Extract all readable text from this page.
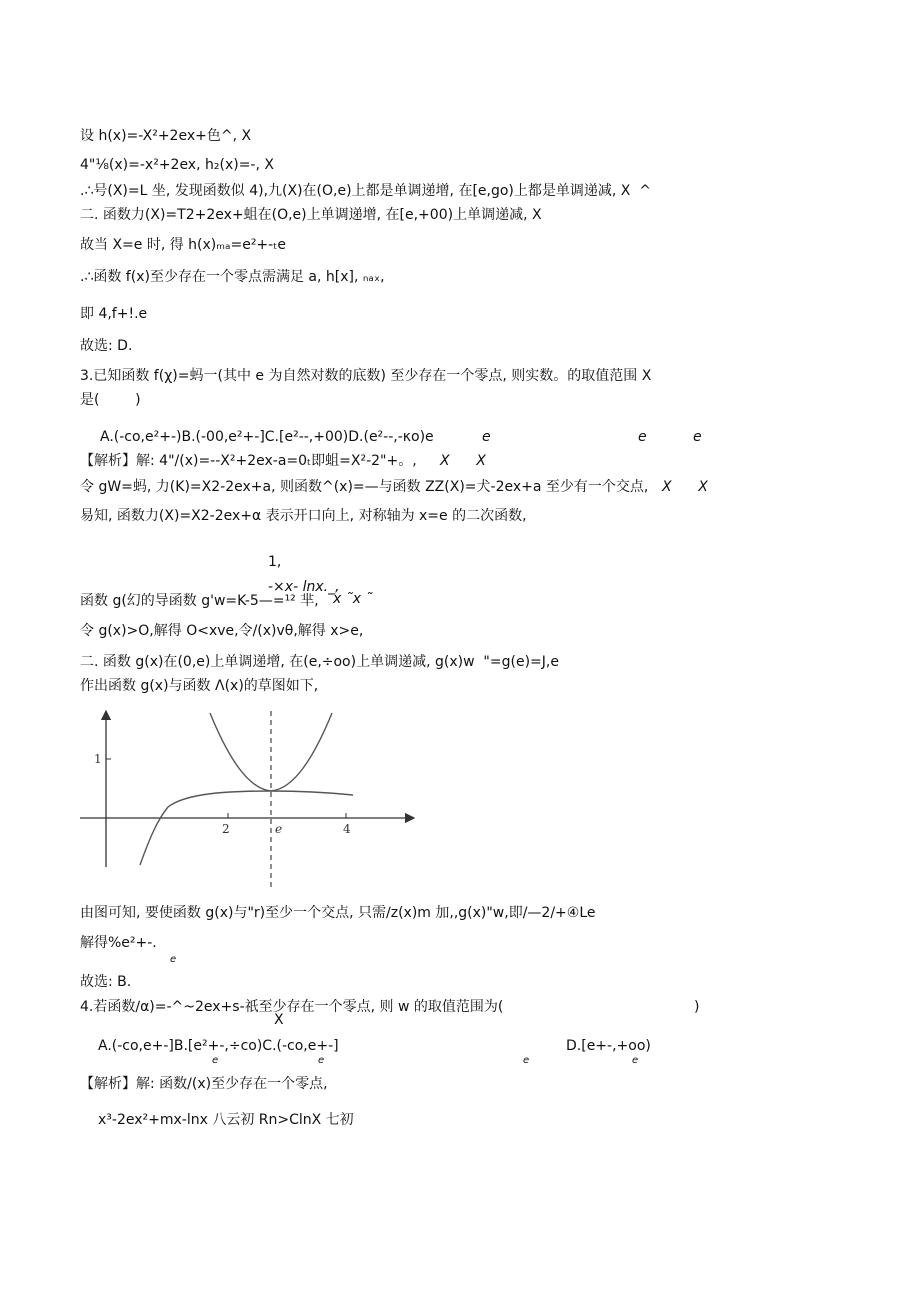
设 h(x)=-X²+2ex+色^, X
4"⅛(x)=-x²+2ex, h₂(x)=-, X
.∴号(X)=L 坐, 发现函数似 4),九(X)在(O,e)上都是单调递增, 在[e,go)上都是单调递减, X  ^
二. 函数力(X)=T2+2ex+蛆在(O,e)上单调递增, 在[e,+00)上单调递减, X
故当 X=e 时, 得 h(x)ₘₐ=e²+-ₜe
.∴函数 f(x)至少存在一个零点需满足 a, h[x], ₙₐₓ,
即 4,f+!.e
故选: D.
3.已知函数 f(χ)=蚂一(其中 e 为自然对数的底数) 至少存在一个零点, 则实数。的取值范围 X
是(        )
A.(-co,e²+-)B.(-00,e²+-]C.[e²--,+00)D.(e²--,-κo)e	e	e	e
【解析】解: 4"/(x)=--X²+2ex-a=0ₜ即蛆=X²-2"+。, X      X
令 gW=蚂, 力(K)=X2-2ex+a, 则函数^(x)=—与函数 ZZ(X)=犬-2ex+a 至少有一个交点, X      X
易知, 函数力(X)=X2-2ex+α 表示开口向上, 对称轴为 x=e 的二次函数,
1,
-×x- lnx._,
函数 g(幻的导函数 g'w=K-5—=¹² 芈, x ˜x ˜
令 g(x)>O,解得 O<xve,令/(x)vθ,解得 x>e,
二. 函数 g(x)在(0,e)上单调递增, 在(e,÷oo)上单调递减, g(x)w  "=g(e)=J,e
作出函数 g(x)与函数 Λ(x)的草图如下,
1
2	e	4
由图可知, 要使函数 g(x)与"r)至少一个交点, 只需∕z(x)m 加,,g(x)"w,即/—2/+④Le
解得%e²+-.
e
故选: B.
4.若函数∕α)=-^~2ex+s-祇至少存在一个零点, 则 w 的取值范围为(
X
)
A.(-co,e+-]B.[e²+-,÷co)C.(-co,e+-]	D.[e+-,+oo)
e	e	e	e
【解析】解: 函数/(x)至少存在一个零点,
x³-2ex²+mx-lnx 八云初 Rn>ClnX 七初
